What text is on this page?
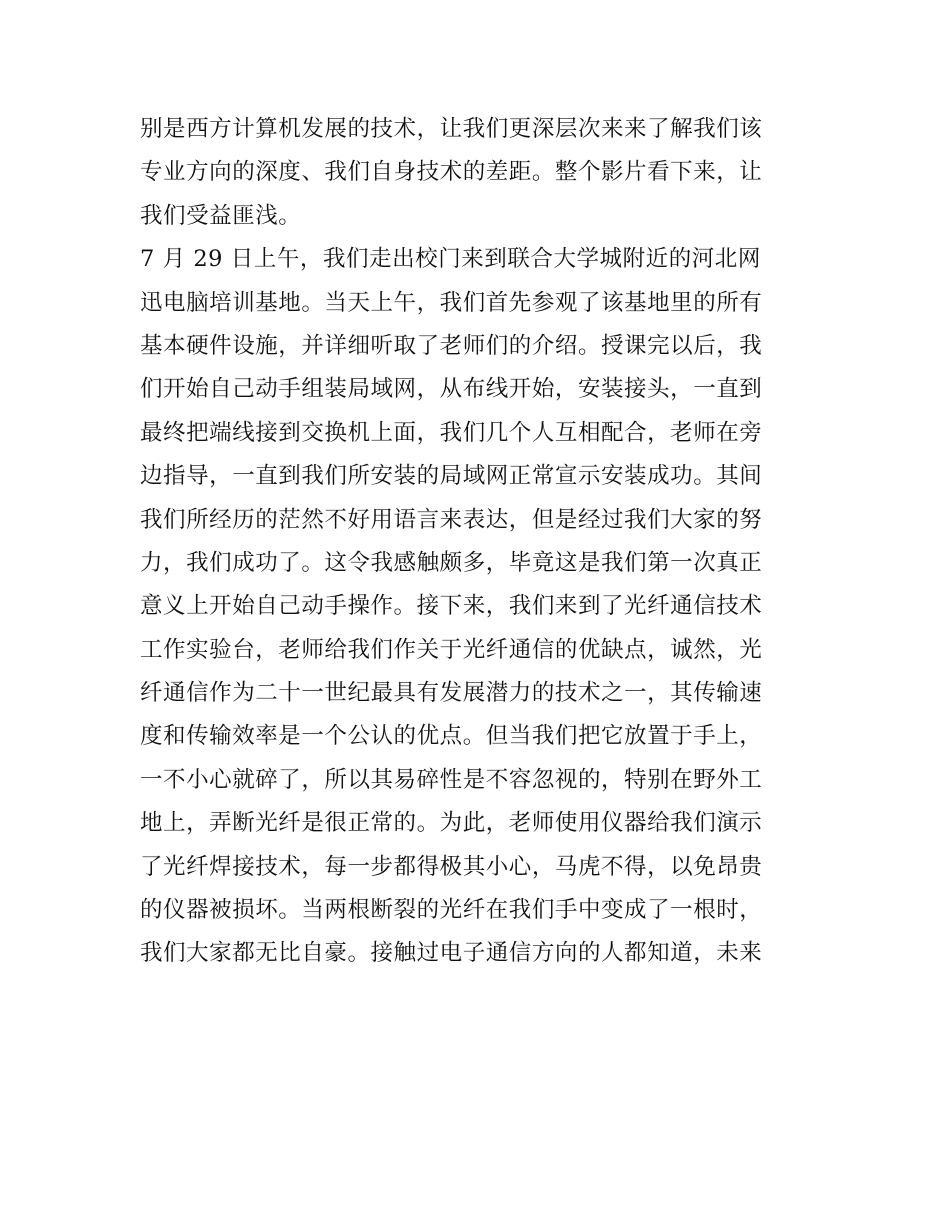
别是西方计算机发展的技术，让我们更深层次来来了解我们该
专业方向的深度、我们自身技术的差距。整个影片看下来，让
我们受益匪浅。
7 月 29 日上午，我们走出校门来到联合大学城附近的河北网
迅电脑培训基地。当天上午，我们首先参观了该基地里的所有
基本硬件设施，并详细听取了老师们的介绍。授课完以后，我
们开始自己动手组装局域网，从布线开始，安装接头，一直到
最终把端线接到交换机上面，我们几个人互相配合，老师在旁
边指导，一直到我们所安装的局域网正常宣示安装成功。其间
我们所经历的茫然不好用语言来表达，但是经过我们大家的努
力，我们成功了。这令我感触颇多，毕竟这是我们第一次真正
意义上开始自己动手操作。接下来，我们来到了光纤通信技术
工作实验台，老师给我们作关于光纤通信的优缺点，诚然，光
纤通信作为二十一世纪最具有发展潜力的技术之一，其传输速
度和传输效率是一个公认的优点。但当我们把它放置于手上，
一不小心就碎了，所以其易碎性是不容忽视的，特别在野外工
地上，弄断光纤是很正常的。为此，老师使用仪器给我们演示
了光纤焊接技术，每一步都得极其小心，马虎不得，以免昂贵
的仪器被损坏。当两根断裂的光纤在我们手中变成了一根时，
我们大家都无比自豪。接触过电子通信方向的人都知道，未来
